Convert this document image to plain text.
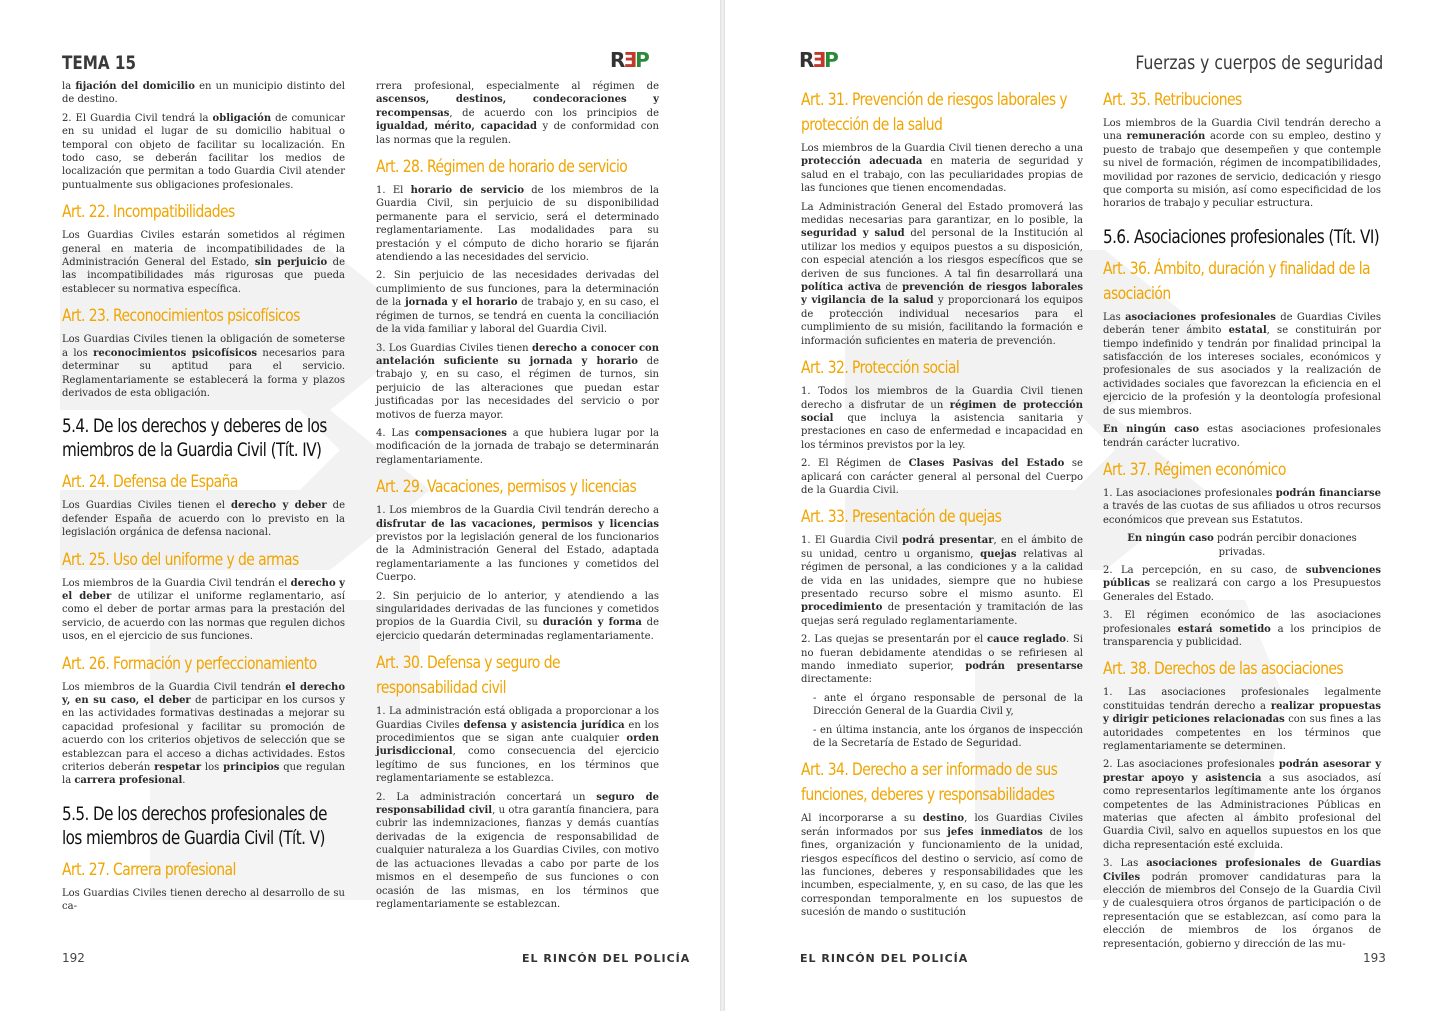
TEMA 15	RƎP

la fijación del domicilio en un municipio distinto del de destino.

2. El Guardia Civil tendrá la obligación de comunicar en su unidad el lugar de su domicilio habitual o temporal con objeto de facilitar su localización. En todo caso, se deberán facilitar los medios de localización que permitan a todo Guardia Civil atender puntualmente sus obligaciones profesionales.

Art. 22. Incompatibilidades

Los Guardias Civiles estarán sometidos al régimen general en materia de incompatibilidades de la Administración General del Estado, sin perjuicio de las incompatibilidades más rigurosas que pueda establecer su normativa específica.

Art. 23. Reconocimientos psicofísicos

Los Guardias Civiles tienen la obligación de someterse a los reconocimientos psicofísicos necesarios para determinar su aptitud para el servicio. Reglamentariamente se establecerá la forma y plazos derivados de esta obligación.

5.4. De los derechos y deberes de los miembros de la Guardia Civil (Tít. IV)
Art. 24. Defensa de España

Los Guardias Civiles tienen el derecho y deber de defender España de acuerdo con lo previsto en la legislación orgánica de defensa nacional.

Art. 25. Uso del uniforme y de armas

Los miembros de la Guardia Civil tendrán el derecho y el deber de utilizar el uniforme reglamentario, así como el deber de portar armas para la prestación del servicio, de acuerdo con las normas que regulen dichos usos, en el ejercicio de sus funciones.

Art. 26. Formación y perfeccionamiento

Los miembros de la Guardia Civil tendrán el derecho y, en su caso, el deber de participar en los cursos y en las actividades formativas destinadas a mejorar su capacidad profesional y facilitar su promoción de acuerdo con los criterios objetivos de selección que se establezcan para el acceso a dichas actividades. Estos criterios deberán respetar los principios que regulan la carrera profesional.

5.5. De los derechos profesionales de los miembros de Guardia Civil (Tít. V)
Art. 27. Carrera profesional

Los Guardias Civiles tienen derecho al desarrollo de su ca-

rrera profesional, especialmente al régimen de ascensos, destinos, condecoraciones y recompensas, de acuerdo con los principios de igualdad, mérito, capacidad y de conformidad con las normas que la regulen.

Art. 28. Régimen de horario de servicio

1. El horario de servicio de los miembros de la Guardia Civil, sin perjuicio de su disponibilidad permanente para el servicio, será el determinado reglamentariamente. Las modalidades para su prestación y el cómputo de dicho horario se fijarán atendiendo a las necesidades del servicio.

2. Sin perjuicio de las necesidades derivadas del cumplimiento de sus funciones, para la determinación de la jornada y el horario de trabajo y, en su caso, el régimen de turnos, se tendrá en cuenta la conciliación de la vida familiar y laboral del Guardia Civil.

3. Los Guardias Civiles tienen derecho a conocer con antelación suficiente su jornada y horario de trabajo y, en su caso, el régimen de turnos, sin perjuicio de las alteraciones que puedan estar justificadas por las necesidades del servicio o por motivos de fuerza mayor.

4. Las compensaciones a que hubiera lugar por la modificación de la jornada de trabajo se determinarán reglamentariamente.

Art. 29. Vacaciones, permisos y licencias

1. Los miembros de la Guardia Civil tendrán derecho a disfrutar de las vacaciones, permisos y licencias previstos por la legislación general de los funcionarios de la Administración General del Estado, adaptada reglamentariamente a las funciones y cometidos del Cuerpo.

2. Sin perjuicio de lo anterior, y atendiendo a las singularidades derivadas de las funciones y cometidos propios de la Guardia Civil, su duración y forma de ejercicio quedarán determinadas reglamentariamente.

Art. 30. Defensa y seguro de responsabilidad civil

1. La administración está obligada a proporcionar a los Guardias Civiles defensa y asistencia jurídica en los procedimientos que se sigan ante cualquier orden jurisdiccional, como consecuencia del ejercicio legítimo de sus funciones, en los términos que reglamentariamente se establezca.

2. La administración concertará un seguro de responsabilidad civil, u otra garantía financiera, para cubrir las indemnizaciones, fianzas y demás cuantías derivadas de la exigencia de responsabilidad de cualquier naturaleza a los Guardias Civiles, con motivo de las actuaciones llevadas a cabo por parte de los mismos en el desempeño de sus funciones o con ocasión de las mismas, en los términos que reglamentariamente se establezcan.

192	EL RINCÓN DEL POLICÍA
RƎP	Fuerzas y cuerpos de seguridad
Art. 31. Prevención de riesgos laborales y protección de la salud

Los miembros de la Guardia Civil tienen derecho a una protección adecuada en materia de seguridad y salud en el trabajo, con las peculiaridades propias de las funciones que tienen encomendadas.

La Administración General del Estado promoverá las medidas necesarias para garantizar, en lo posible, la seguridad y salud del personal de la Institución al utilizar los medios y equipos puestos a su disposición, con especial atención a los riesgos específicos que se deriven de sus funciones. A tal fin desarrollará una política activa de prevención de riesgos laborales y vigilancia de la salud y proporcionará los equipos de protección individual necesarios para el cumplimiento de su misión, facilitando la formación e información suficientes en materia de prevención.

Art. 32. Protección social

1. Todos los miembros de la Guardia Civil tienen derecho a disfrutar de un régimen de protección social que incluya la asistencia sanitaria y prestaciones en caso de enfermedad e incapacidad en los términos previstos por la ley.

2. El Régimen de Clases Pasivas del Estado se aplicará con carácter general al personal del Cuerpo de la Guardia Civil.

Art. 33. Presentación de quejas

1. El Guardia Civil podrá presentar, en el ámbito de su unidad, centro u organismo, quejas relativas al régimen de personal, a las condiciones y a la calidad de vida en las unidades, siempre que no hubiese presentado recurso sobre el mismo asunto. El procedimiento de presentación y tramitación de las quejas será regulado reglamentariamente.

2. Las quejas se presentarán por el cauce reglado. Si no fueran debidamente atendidas o se refiriesen al mando inmediato superior, podrán presentarse directamente:

- ante el órgano responsable de personal de la Dirección General de la Guardia Civil y,

- en última instancia, ante los órganos de inspección de la Secretaría de Estado de Seguridad.

Art. 34. Derecho a ser informado de sus funciones, deberes y responsabilidades

Al incorporarse a su destino, los Guardias Civiles serán informados por sus jefes inmediatos de los fines, organización y funcionamiento de la unidad, riesgos específicos del destino o servicio, así como de las funciones, deberes y responsabilidades que les incumben, especialmente, y, en su caso, de las que les correspondan temporalmente en los supuestos de sucesión de mando o sustitución

Art. 35. Retribuciones

Los miembros de la Guardia Civil tendrán derecho a una remuneración acorde con su empleo, destino y puesto de trabajo que desempeñen y que contemple su nivel de formación, régimen de incompatibilidades, movilidad por razones de servicio, dedicación y riesgo que comporta su misión, así como especificidad de los horarios de trabajo y peculiar estructura.

5.6. Asociaciones profesionales (Tít. VI)
Art. 36. Ámbito, duración y finalidad de la asociación

Las asociaciones profesionales de Guardias Civiles deberán tener ámbito estatal, se constituirán por tiempo indefinido y tendrán por finalidad principal la satisfacción de los intereses sociales, económicos y profesionales de sus asociados y la realización de actividades sociales que favorezcan la eficiencia en el ejercicio de la profesión y la deontología profesional de sus miembros.

En ningún caso estas asociaciones profesionales tendrán carácter lucrativo.

Art. 37. Régimen económico

1. Las asociaciones profesionales podrán financiarse a través de las cuotas de sus afiliados u otros recursos económicos que prevean sus Estatutos.

En ningún caso podrán percibir donaciones privadas.

2. La percepción, en su caso, de subvenciones públicas se realizará con cargo a los Presupuestos Generales del Estado.

3. El régimen económico de las asociaciones profesionales estará sometido a los principios de transparencia y publicidad.

Art. 38. Derechos de las asociaciones

1. Las asociaciones profesionales legalmente constituidas tendrán derecho a realizar propuestas y dirigir peticiones relacionadas con sus fines a las autoridades competentes en los términos que reglamentariamente se determinen.

2. Las asociaciones profesionales podrán asesorar y prestar apoyo y asistencia a sus asociados, así como representarlos legítimamente ante los órganos competentes de las Administraciones Públicas en materias que afecten al ámbito profesional del Guardia Civil, salvo en aquellos supuestos en los que dicha representación esté excluida.

3. Las asociaciones profesionales de Guardias Civiles podrán promover candidaturas para la elección de miembros del Consejo de la Guardia Civil y de cualesquiera otros órganos de participación o de representación que se establezcan, así como para la elección de miembros de los órganos de representación, gobierno y dirección de las mu-

EL RINCÓN DEL POLICÍA	193
